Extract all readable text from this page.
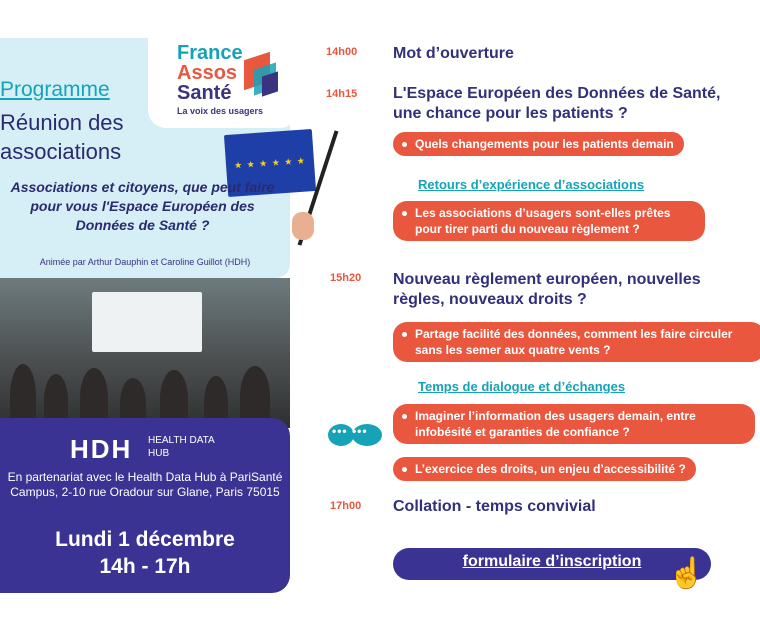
France
Assos
Santé
La voix des usagers
Programme
Réunion des associations	★ ★ ★ ★ ★ ★
Associations et citoyens, que peut faire pour vous l'Espace Européen des Données de Santé ?
Animée par Arthur Dauphin et Caroline Guillot (HDH)
HDH HEALTH DATA HUB
En partenariat avec le Health Data Hub à PariSanté Campus, 2-10 rue Oradour sur Glane, Paris 75015
Lundi 1 décembre
14h - 17h
14h00 Mot d’ouverture
14h15 L'Espace Européen des Données de Santé, une chance pour les patients ?
Quels changements pour les patients demain
Retours d’expérience d’associations
Les associations d’usagers sont-elles prêtes pour tirer parti du nouveau règlement ?
15h20 Nouveau règlement européen, nouvelles règles, nouveaux droits ?
Partage facilité des données, comment les faire circuler sans les semer aux quatre vents ?
Temps de dialogue et d’échanges
Imaginer l’information des usagers demain, entre infobésité et garanties de confiance ?
••• •••
L’exercice des droits, un enjeu d’accessibilité ?
17h00 Collation - temps convivial
formulaire d’inscription ☝
